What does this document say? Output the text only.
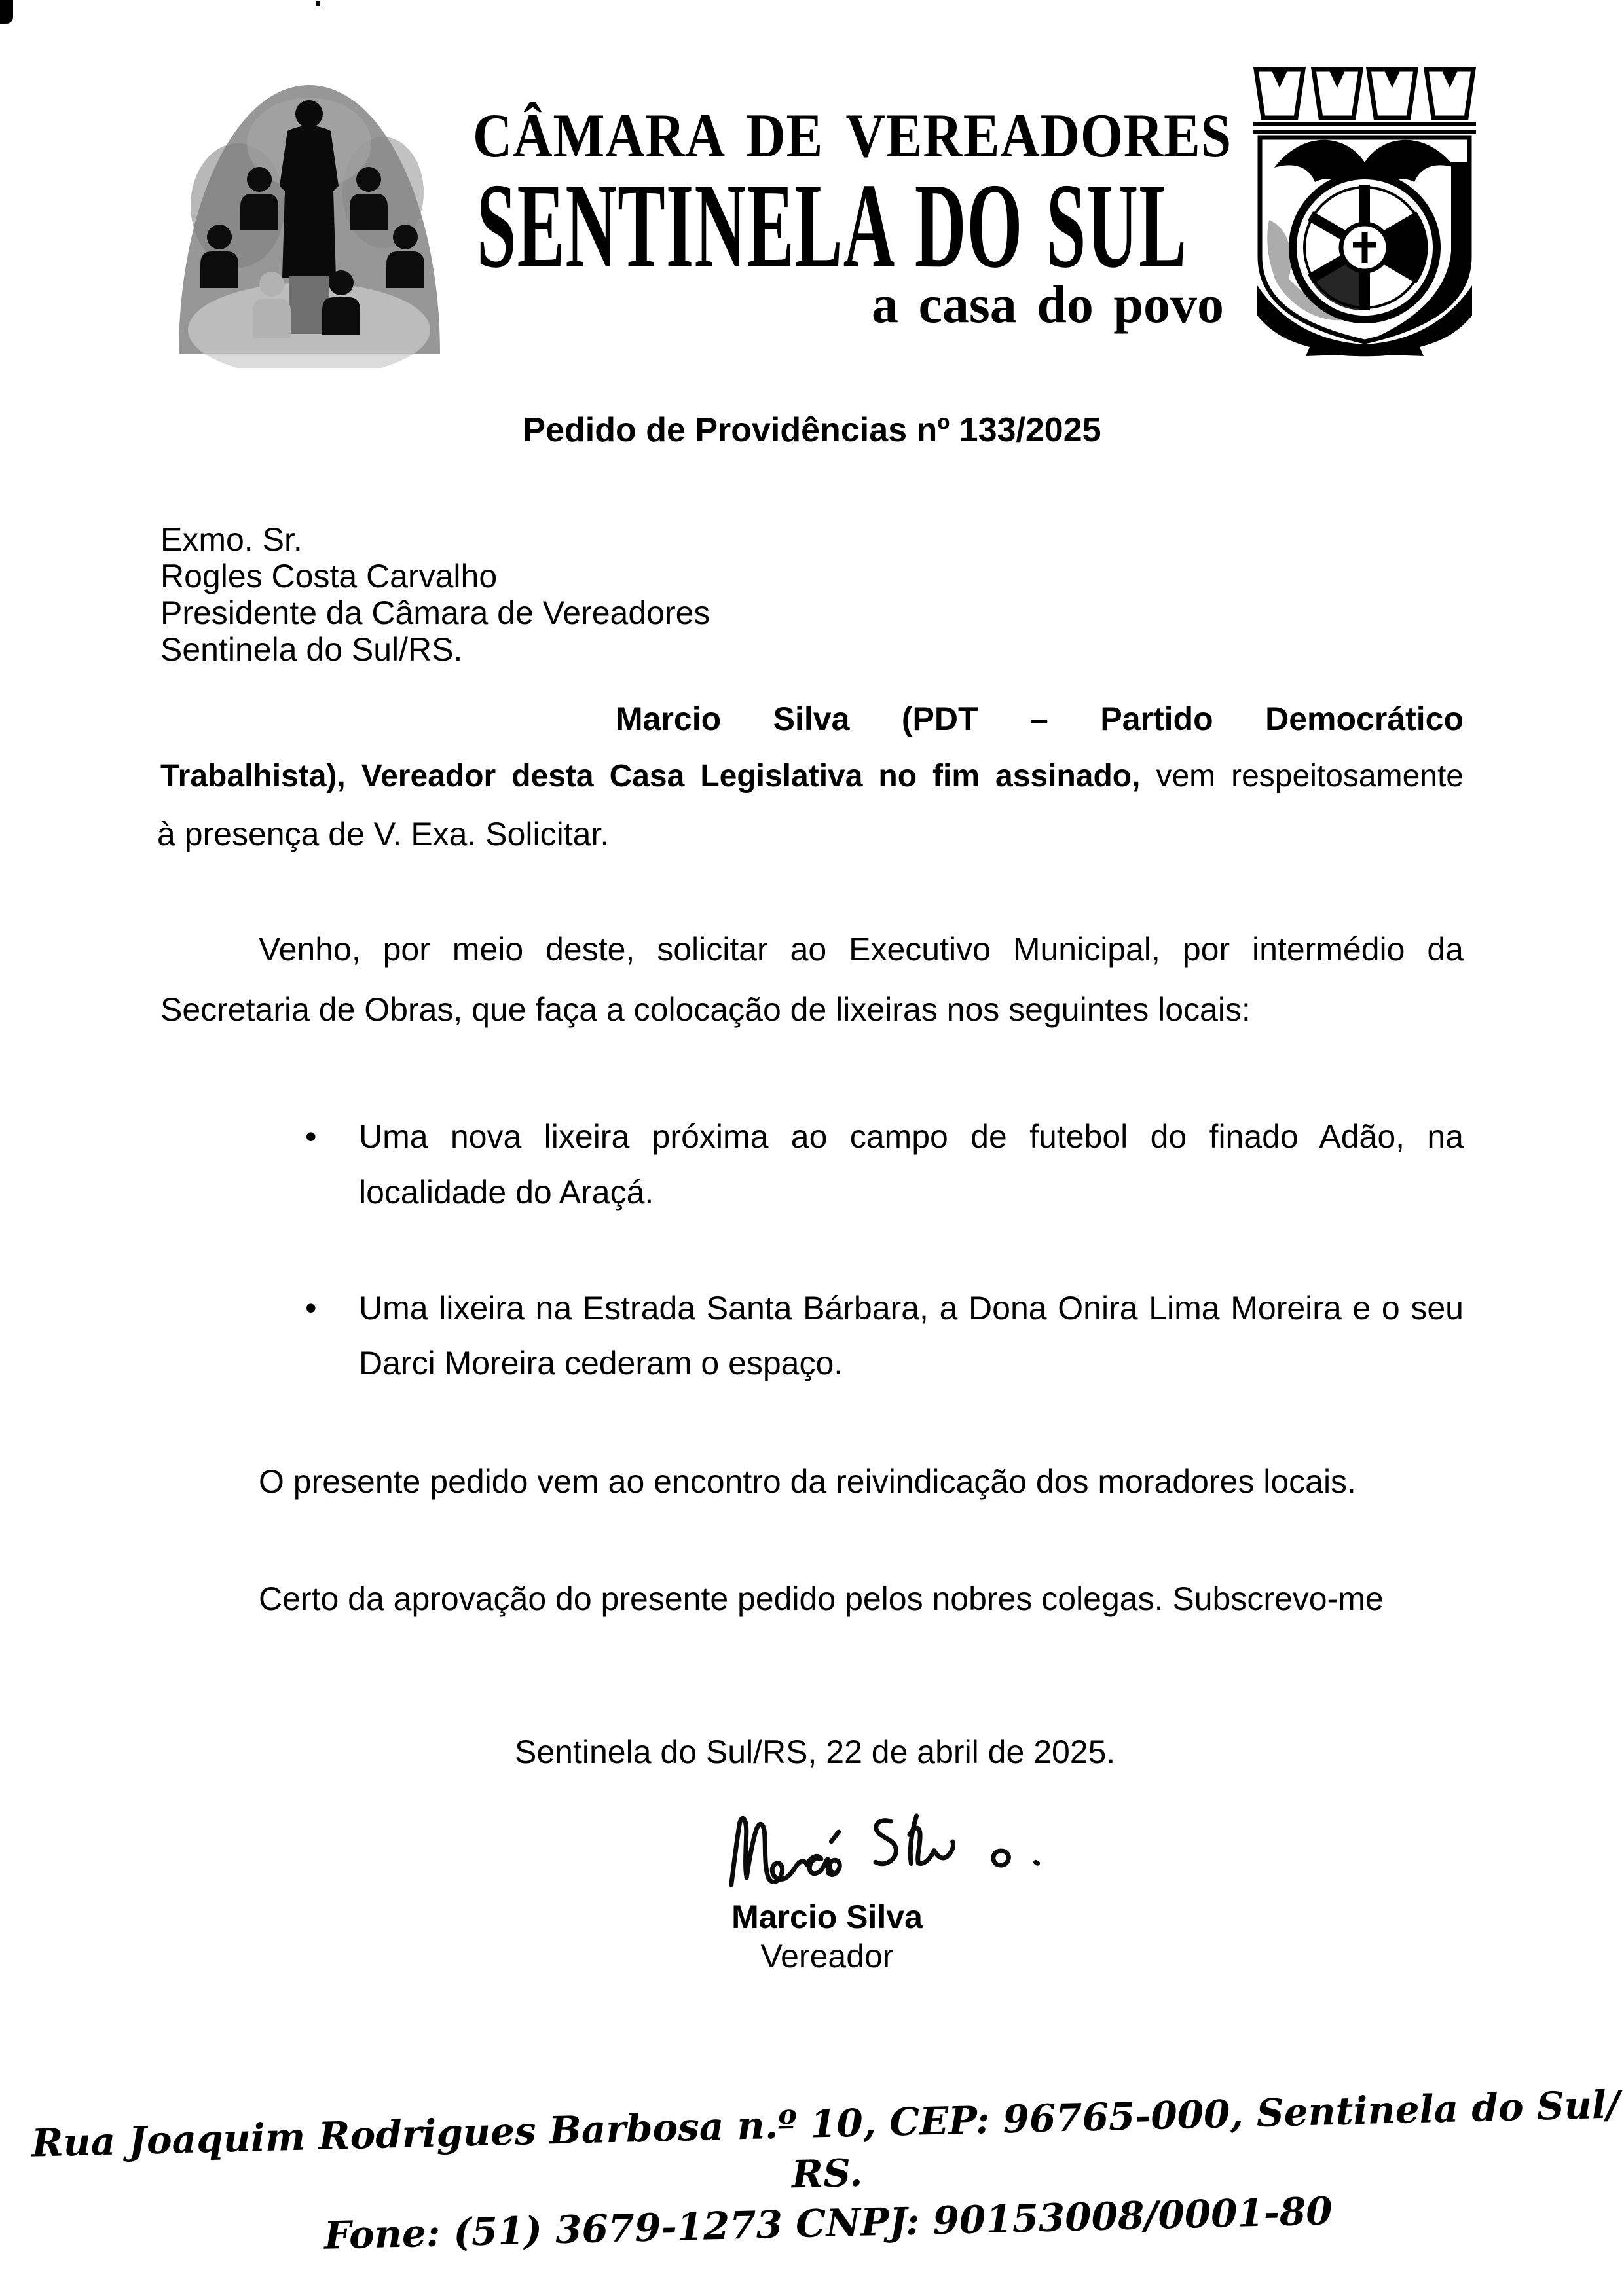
CÂMARA DE VEREADORES
SENTINELA DO SUL
a casa do povo
Pedido de Providências nº 133/2025
Exmo. Sr.
Rogles Costa Carvalho
Presidente da Câmara de Vereadores
Sentinela do Sul/RS.
Marcio Silva (PDT – Partido Democrático
Trabalhista), Vereador desta Casa Legislativa no fim assinado, vem respeitosamente
à presença de V. Exa. Solicitar.
Venho, por meio deste, solicitar ao Executivo Municipal, por intermédio da
Secretaria de Obras, que faça a colocação de lixeiras nos seguintes locais:
• Uma nova lixeira próxima ao campo de futebol do finado Adão, na
localidade do Araçá.
• Uma lixeira na Estrada Santa Bárbara, a Dona Onira Lima Moreira e o seu
Darci Moreira cederam o espaço.
O presente pedido vem ao encontro da reivindicação dos moradores locais.
Certo da aprovação do presente pedido pelos nobres colegas. Subscrevo-me
Sentinela do Sul/RS, 22 de abril de 2025.
Marcio Silva
Vereador
Rua Joaquim Rodrigues Barbosa n.º 10, CEP: 96765-000, Sentinela do Sul/ RS.
Fone: (51) 3679-1273 CNPJ: 90153008/0001-80
